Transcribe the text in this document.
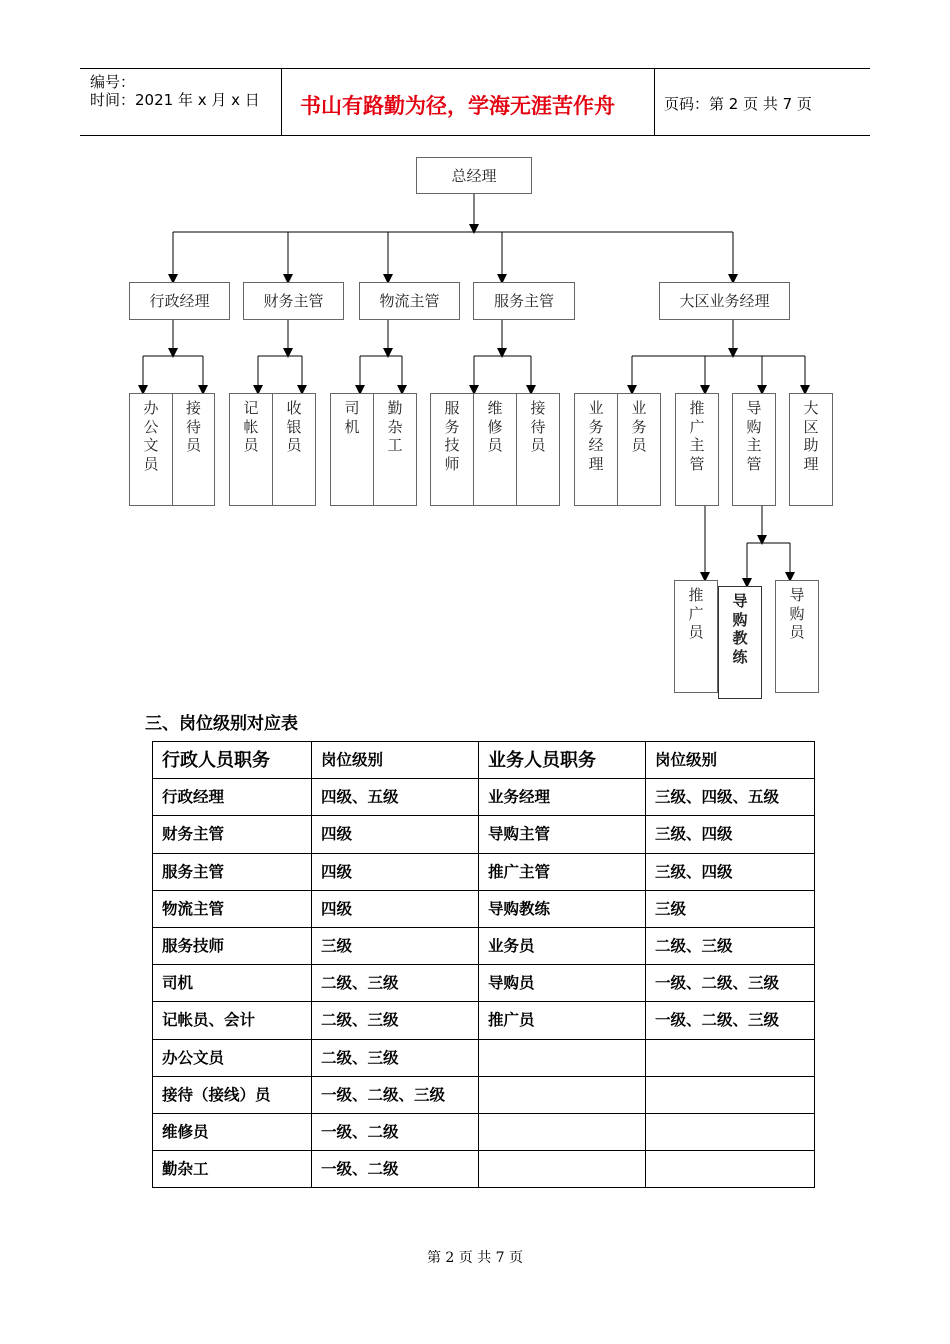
编号：
时间：2021 年 x 月 x 日 书山有路勤为径，学海无涯苦作舟	页码：第 2 页 共 7 页
总经理
行政经理	财务主管	物流主管	服务主管	大区业务经理
办公文员
接待员
记帐员
收银员
司机
勤杂工
服务技师
维修员
接待员
业务经理
业务员
推广主管
导购主管
大区助理
推广员
导购教练
导购员
三、岗位级别对应表
行政人员职务	岗位级别	业务人员职务	岗位级别
行政经理	四级、五级	业务经理	三级、四级、五级
财务主管	四级	导购主管	三级、四级
服务主管	四级	推广主管	三级、四级
物流主管	四级	导购教练	三级
服务技师	三级	业务员	二级、三级
司机	二级、三级	导购员	一级、二级、三级
记帐员、会计	二级、三级	推广员	一级、二级、三级
办公文员	二级、三级		
接待（接线）员	一级、二级、三级		
维修员	一级、二级		
勤杂工	一级、二级		
第 2 页 共 7 页
